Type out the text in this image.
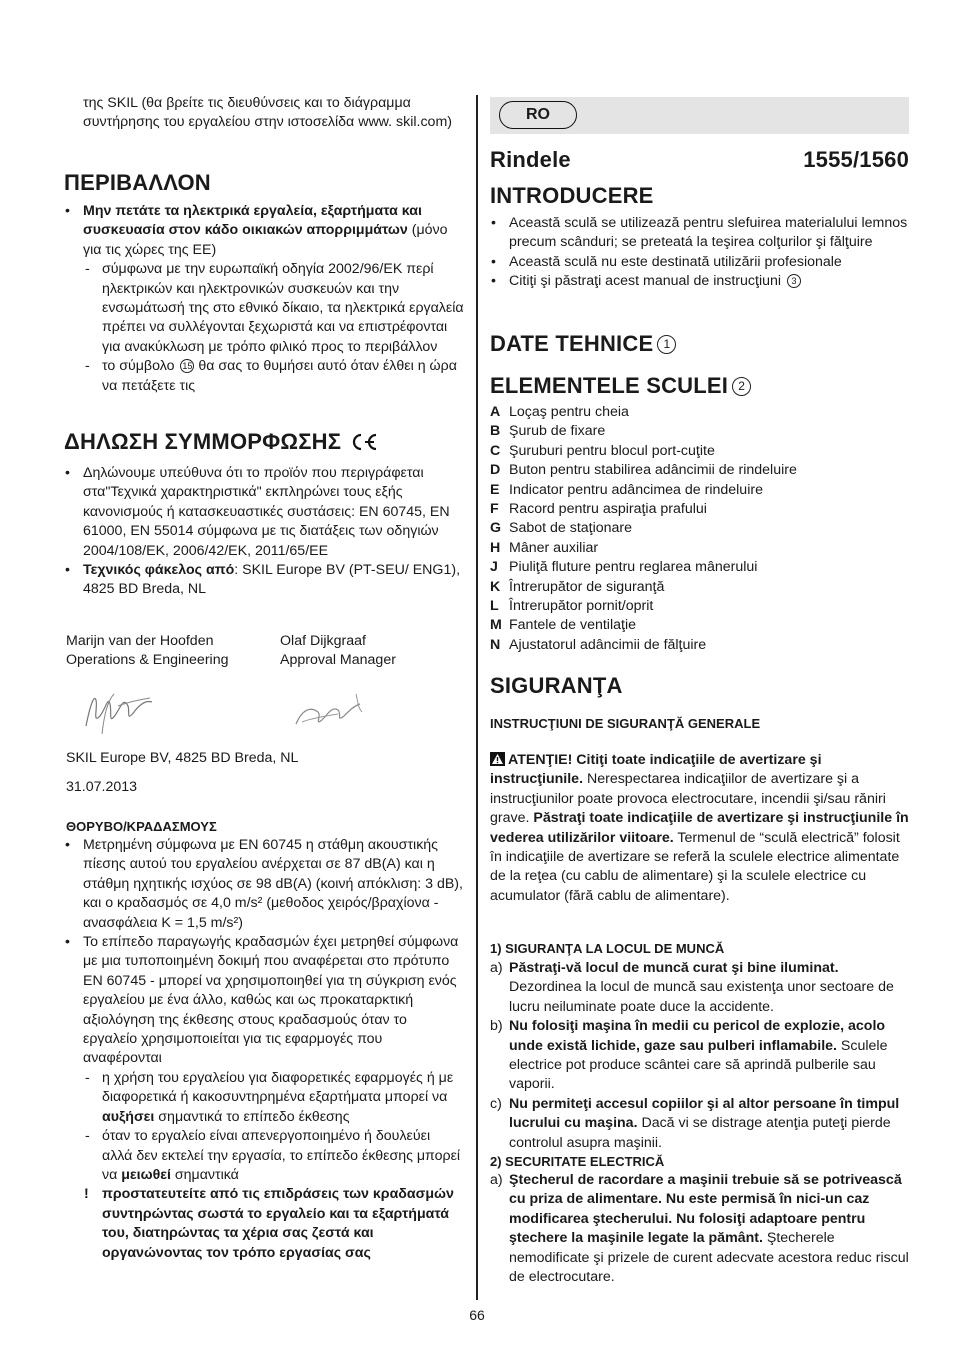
της SKIL (θα βρείτε τις διευθύνσεις και το διάγραμμα συντήρησης του εργαλείου στην ιστοσελίδα www. skil.com)
ΠΕΡΙΒΑΛΛΟΝ
• Μην πετάτε τα ηλεκτρικά εργαλεία, εξαρτήματα και συσκευασία στον κάδο οικιακών απορριμμάτων (μόνο για τις χώρες της ΕΕ)
- σύμφωνα με την ευρωπαϊκή οδηγία 2002/96/ΕΚ περί ηλεκτρικών και ηλεκτρονικών συσκευών και την ενσωμάτωσή της στο εθνικό δίκαιο, τα ηλεκτρικά εργαλεία πρέπει να συλλέγονται ξεχωριστά και να επιστρέφονται για ανακύκλωση με τρόπο φιλικό προς το περιβάλλον
- το σύμβολο 15 θα σας το θυμήσει αυτό όταν έλθει η ώρα να πετάξετε τις
ΔΗΛΩΣΗ ΣΥΜΜΟΡΦΩΣΗΣ
• Δηλώνουμε υπεύθυνα ότι το προϊόν που περιγράφεται στα"Τεχνικά χαρακτηριστικά" εκπληρώνει τους εξής κανονισμούς ή κατασκευαστικές συστάσεις: EN 60745, EN 61000, EN 55014 σύμφωνα με τις διατάξεις των οδηγιών 2004/108/ΕΚ, 2006/42/ΕΚ, 2011/65/ΕΕ
• Τεχνικός φάκελος από: SKIL Europe BV (PT-SEU/ ENG1), 4825 BD Breda, NL
Marijn van der Hoofden
Operations & Engineering
Olaf Dijkgraaf
Approval Manager
SKIL Europe BV, 4825 BD Breda, NL
31.07.2013
ΘΟΡΥΒΟ/ΚΡΑΔΑΣΜΟΥΣ
• Μετρημένη σύμφωνα με EN 60745 η στάθμη ακουστικής πίεσης αυτού του εργαλείου ανέρχεται σε 87 dB(A) και η στάθμη ηχητικής ισχύος σε 98 dB(A) (κοινή απόκλιση: 3 dB), και ο κραδασμός σε 4,0 m/s² (μεθοδος χειρός/βραχίονα - ανασφάλεια K = 1,5 m/s²)
• Το επίπεδο παραγωγής κραδασμών έχει μετρηθεί σύμφωνα με μια τυποποιημένη δοκιμή που αναφέρεται στο πρότυπο EN 60745 - μπορεί να χρησιμοποιηθεί για τη σύγκριση ενός εργαλείου με ένα άλλο, καθώς και ως προκαταρκτική αξιολόγηση της έκθεσης στους κραδασμούς όταν το εργαλείο χρησιμοποιείται για τις εφαρμογές που αναφέρονται
- η χρήση του εργαλείου για διαφορετικές εφαρμογές ή με διαφορετικά ή κακοσυντηρημένα εξαρτήματα μπορεί να αυξήσει σημαντικά το επίπεδο έκθεσης
- όταν το εργαλείο είναι απενεργοποιημένο ή δουλεύει αλλά δεν εκτελεί την εργασία, το επίπεδο έκθεσης μπορεί να μειωθεί σημαντικά
! προστατευτείτε από τις επιδράσεις των κραδασμών συντηρώντας σωστά το εργαλείο και τα εξαρτήματά του, διατηρώντας τα χέρια σας ζεστά και οργανώνοντας τον τρόπο εργασίας σας
RO
Rindele	1555/1560
INTRODUCERE
• Această sculă se utilizează pentru slefuirea materialului lemnos precum scânduri; se preteatá la teşirea colţurilor şi fălţuire
• Această sculă nu este destinată utilizării profesionale
• Citiţi şi păstraţi acest manual de instrucţiuni 3
DATE TEHNICE 1
ELEMENTELE SCULEI 2
A Loçaş pentru cheia
B Şurub de fixare
C Şuruburi pentru blocul port-cuţite
D Buton pentru stabilirea adâncimii de rindeluire
E Indicator pentru adâncimea de rindeluire
F Racord pentru aspiraţia prafului
G Sabot de staţionare
H Mâner auxiliar
J Piuliţă fluture pentru reglarea mânerului
K Întrerupător de siguranţă
L Întrerupător pornit/oprit
M Fantele de ventilaţie
N Ajustatorul adâncimii de fălţuire
SIGURANŢA
INSTRUCŢIUNI DE SIGURANŢĂ GENERALE
ATENŢIE! Citiţi toate indicaţiile de avertizare şi instrucţiunile. Nerespectarea indicaţiilor de avertizare şi a instrucţiunilor poate provoca electrocutare, incendii şi/sau răniri grave. Păstraţi toate indicaţiile de avertizare şi instrucţiunile în vederea utilizărilor viitoare. Termenul de “sculă electrică” folosit în indicaţiile de avertizare se referă la sculele electrice alimentate de la reţea (cu cablu de alimentare) şi la sculele electrice cu acumulator (fără cablu de alimentare).
1) SIGURANŢA LA LOCUL DE MUNCĂ
a) Păstraţi-vă locul de muncă curat şi bine iluminat. Dezordinea la locul de muncă sau existenţa unor sectoare de lucru neiluminate poate duce la accidente.
b) Nu folosiţi maşina în medii cu pericol de explozie, acolo unde există lichide, gaze sau pulberi inflamabile. Sculele electrice pot produce scântei care să aprindă pulberile sau vaporii.
c) Nu permiteţi accesul copiilor şi al altor persoane în timpul lucrului cu maşina. Dacă vi se distrage atenţia puteţi pierde controlul asupra maşinii.
2) SECURITATE ELECTRICĂ
a) Ştecherul de racordare a maşinii trebuie să se potrivească cu priza de alimentare. Nu este permisă în nici-un caz modificarea ştecherului. Nu folosiţi adaptoare pentru ştechere la maşinile legate la pământ. Ştecherele nemodificate şi prizele de curent adecvate acestora reduc riscul de electrocutare.
66
